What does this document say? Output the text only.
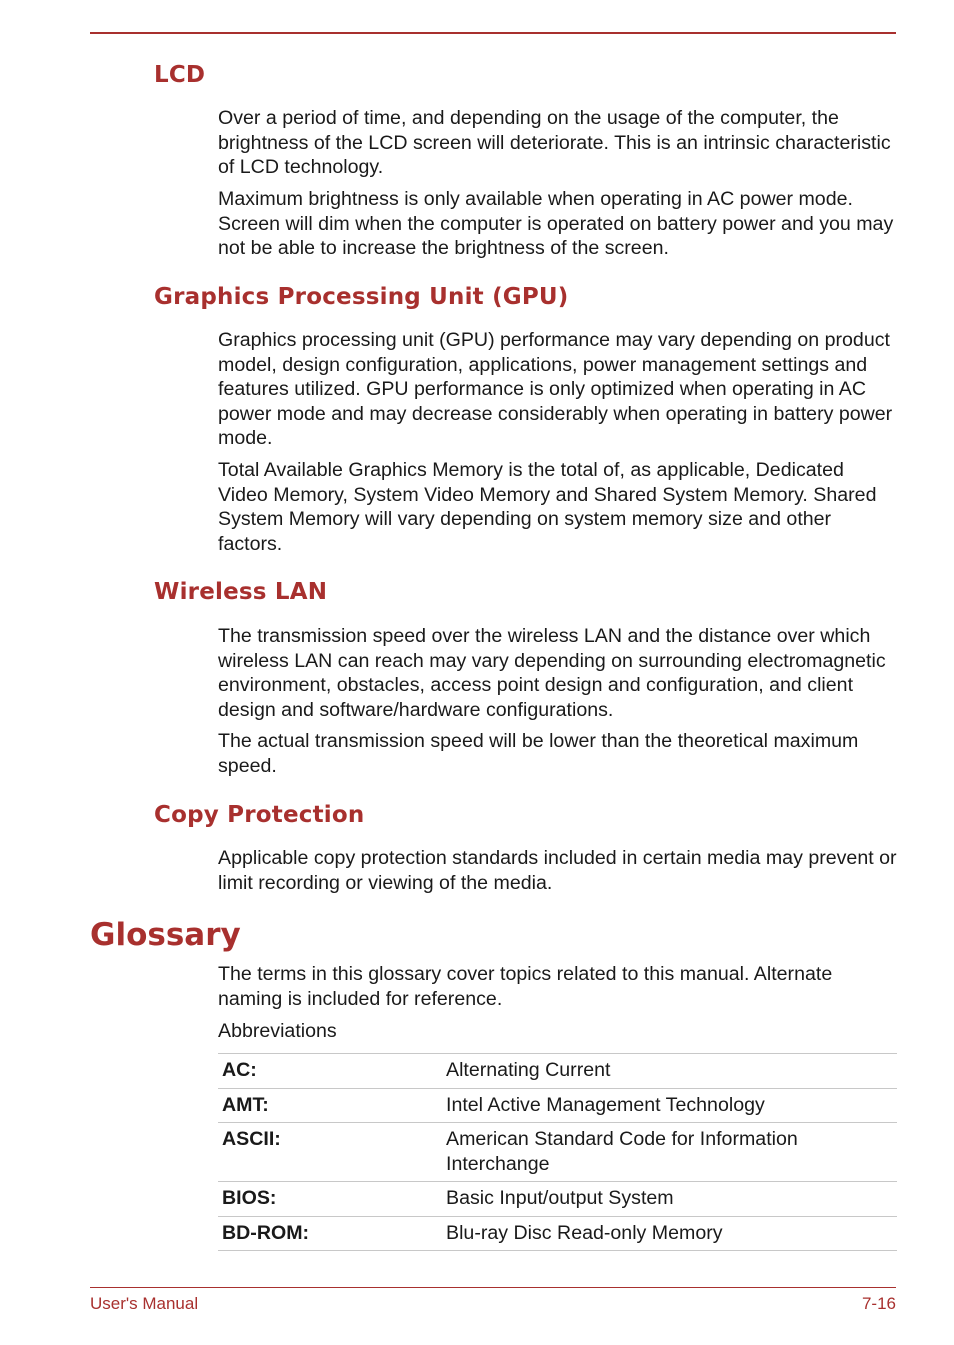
LCD

Over a period of time, and depending on the usage of the computer, the brightness of the LCD screen will deteriorate. This is an intrinsic characteristic of LCD technology.

Maximum brightness is only available when operating in AC power mode. Screen will dim when the computer is operated on battery power and you may not be able to increase the brightness of the screen.

Graphics Processing Unit (GPU)

Graphics processing unit (GPU) performance may vary depending on product model, design configuration, applications, power management settings and features utilized. GPU performance is only optimized when operating in AC power mode and may decrease considerably when operating in battery power mode.

Total Available Graphics Memory is the total of, as applicable, Dedicated Video Memory, System Video Memory and Shared System Memory. Shared System Memory will vary depending on system memory size and other factors.

Wireless LAN

The transmission speed over the wireless LAN and the distance over which wireless LAN can reach may vary depending on surrounding electromagnetic environment, obstacles, access point design and configuration, and client design and software/hardware configurations.

The actual transmission speed will be lower than the theoretical maximum speed.

Copy Protection

Applicable copy protection standards included in certain media may prevent or limit recording or viewing of the media.

Glossary

The terms in this glossary cover topics related to this manual. Alternate naming is included for reference.

Abbreviations

AC:	Alternating Current
AMT:	Intel Active Management Technology
ASCII:	American Standard Code for Information Interchange
BIOS:	Basic Input/output System
BD-ROM:	Blu-ray Disc Read-only Memory
User's Manual	7-16
